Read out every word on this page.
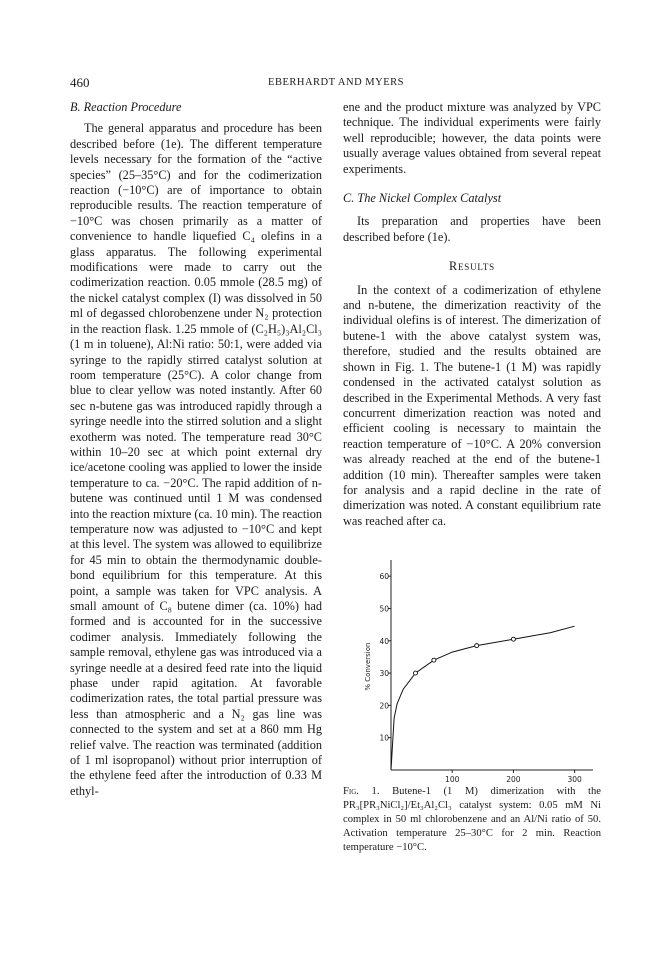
460	EBERHARDT AND MYERS
B. Reaction Procedure

The general apparatus and procedure has been described before (1e). The different temperature levels necessary for the formation of the “active species” (25–35°C) and for the codimerization reaction (−10°C) are of importance to obtain reproducible results. The reaction temperature of −10°C was chosen primarily as a matter of convenience to handle liquefied C₄ olefins in a glass apparatus. The following experimental modifications were made to carry out the codimerization reaction. 0.05 mmole (28.5 mg) of the nickel catalyst complex (I) was dissolved in 50 ml of degassed chlorobenzene under N₂ protection in the reaction flask. 1.25 mmole of (C₂H₅)₃Al₂Cl₃ (1 m in toluene), Al:Ni ratio: 50:1, were added via syringe to the rapidly stirred catalyst solution at room temperature (25°C). A color change from blue to clear yellow was noted instantly. After 60 sec n-butene gas was introduced rapidly through a syringe needle into the stirred solution and a slight exotherm was noted. The temperature read 30°C within 10–20 sec at which point external dry ice/acetone cooling was applied to lower the inside temperature to ca. −20°C. The rapid addition of n-butene was continued until 1 M was condensed into the reaction mixture (ca. 10 min). The reaction temperature now was adjusted to −10°C and kept at this level. The system was allowed to equilibrize for 45 min to obtain the thermodynamic double-bond equilibrium for this temperature. At this point, a sample was taken for VPC analysis. A small amount of C₈ butene dimer (ca. 10%) had formed and is accounted for in the successive codimer analysis. Immediately following the sample removal, ethylene gas was introduced via a syringe needle at a desired feed rate into the liquid phase under rapid agitation. At favorable codimerization rates, the total partial pressure was less than atmospheric and a N₂ gas line was connected to the system and set at a 860 mm Hg relief valve. The reaction was terminated (addition of 1 ml isopropanol) without prior interruption of the ethylene feed after the introduction of 0.33 M ethyl-

ene and the product mixture was analyzed by VPC technique. The individual experiments were fairly well reproducible; however, the data points were usually average values obtained from several repeat experiments.

C. The Nickel Complex Catalyst

Its preparation and properties have been described before (1e).

Results

In the context of a codimerization of ethylene and n-butene, the dimerization reactivity of the individual olefins is of interest. The dimerization of butene-1 with the above catalyst system was, therefore, studied and the results obtained are shown in Fig. 1. The butene-1 (1 M) was rapidly condensed in the activated catalyst solution as described in the Experimental Methods. A very fast concurrent dimerization reaction was noted and efficient cooling is necessary to maintain the reaction temperature of −10°C. A 20% conversion was already reached at the end of the butene-1 addition (10 min). Thereafter samples were taken for analysis and a rapid decline in the rate of dimerization was noted. A constant equilibrium rate was reached after ca.

10
20
30
40
50
60
100	200	300
% Conversion
Fig. 1. Butene-1 (1 M) dimerization with the PR₃[PR₃NiCl₂]/Et₃Al₂Cl₃ catalyst system: 0.05 mM Ni complex in 50 ml chlorobenzene and an Al/Ni ratio of 50. Activation temperature 25–30°C for 2 min. Reaction temperature −10°C.
